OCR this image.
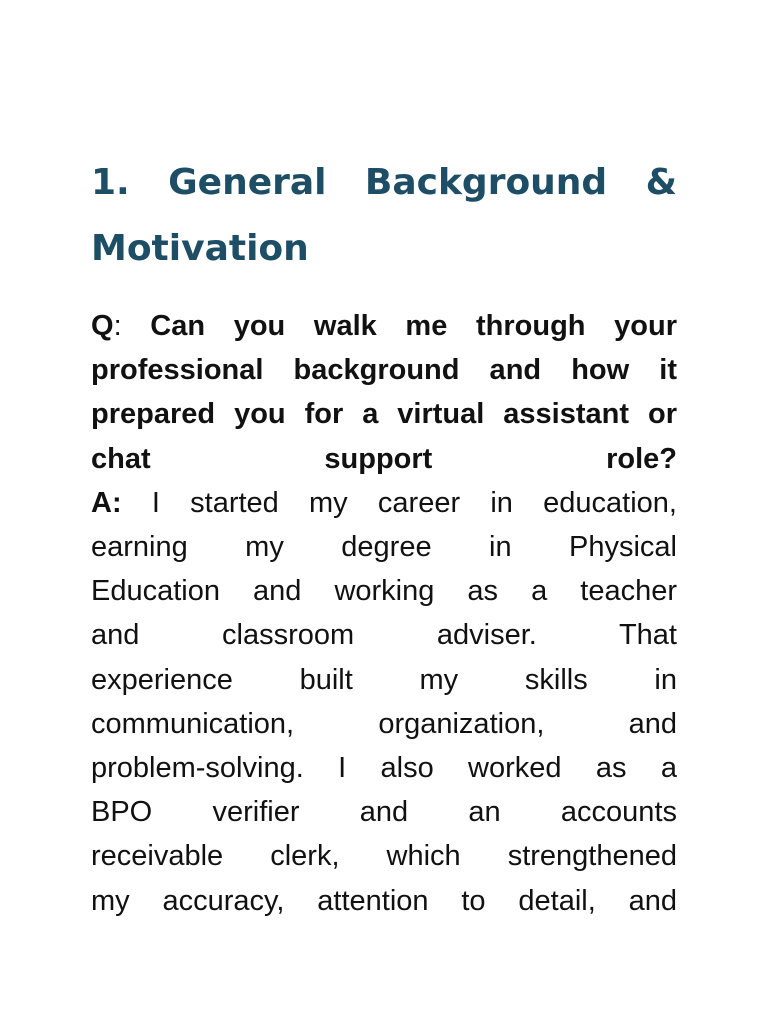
1. General Background &
Motivation
Q: Can you walk me through your
professional background and how it
prepared you for a virtual assistant or
chat support role?
A: I started my career in education,
earning my degree in Physical
Education and working as a teacher
and classroom adviser. That
experience built my skills in
communication, organization, and
problem-solving. I also worked as a
BPO verifier and an accounts
receivable clerk, which strengthened
my accuracy, attention to detail, and
